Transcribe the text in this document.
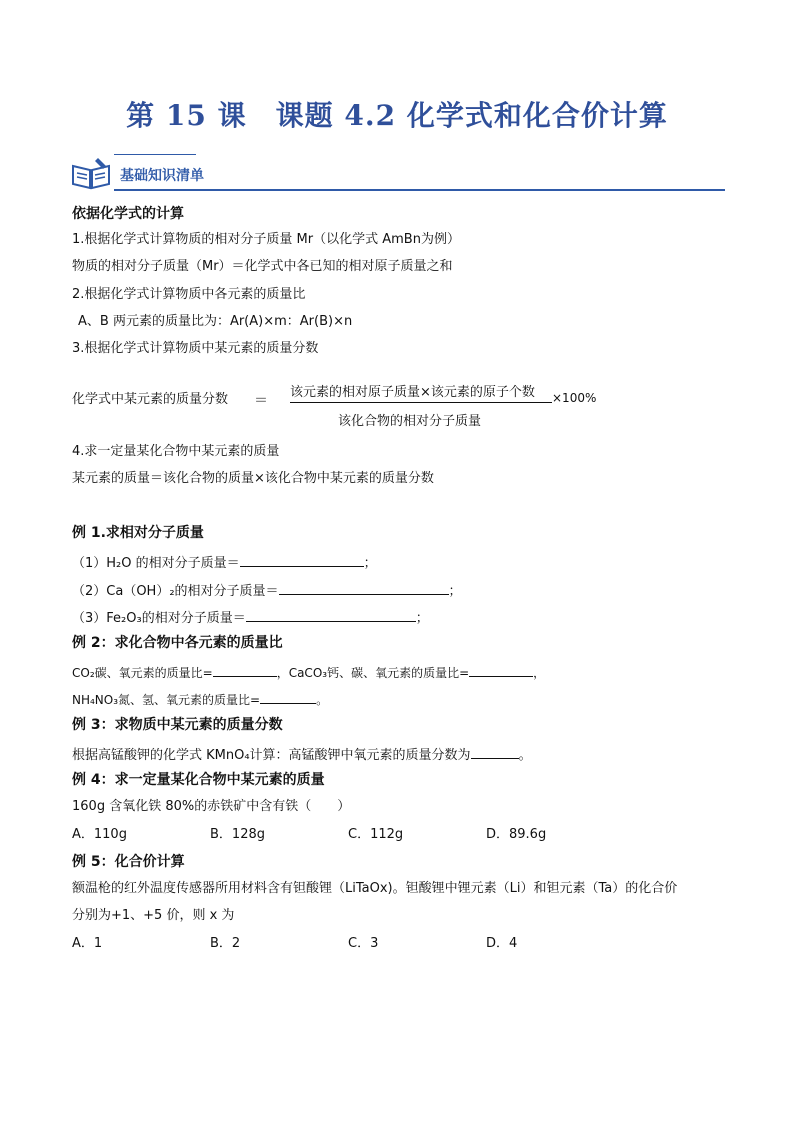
第 15 课　课题 4.2 化学式和化合价计算
基础知识清单
依据化学式的计算
1.根据化学式计算物质的相对分子质量 Mr（以化学式 AmBn为例）
物质的相对分子质量（Mr）＝化学式中各已知的相对原子质量之和
2.根据化学式计算物质中各元素的质量比
A、B 两元素的质量比为：Ar(A)×m：Ar(B)×n
3.根据化学式计算物质中某元素的质量分数
化学式中某元素的质量分数 ＝
该元素的相对原子质量×该元素的原子个数
该化合物的相对分子质量
×100%
4.求一定量某化合物中某元素的质量
某元素的质量＝该化合物的质量×该化合物中某元素的质量分数
例 1.求相对分子质量
（1）H₂O 的相对分子质量＝	；
（2）Ca（OH）₂的相对分子质量＝	；
（3）Fe₂O₃的相对分子质量＝	；
例 2：求化合物中各元素的质量比
CO₂碳、氧元素的质量比=	，CaCO₃钙、碳、氧元素的质量比=	，
NH₄NO₃氮、氢、氧元素的质量比=	。
例 3：求物质中某元素的质量分数
根据高锰酸钾的化学式 KMnO₄计算：高锰酸钾中氧元素的质量分数为	。
例 4：求一定量某化合物中某元素的质量
160g 含氧化铁 80%的赤铁矿中含有铁（　　）
A．110g	B．128g	C．112g	D．89.6g
例 5：化合价计算
额温枪的红外温度传感器所用材料含有钽酸锂（LiTaOx)。钽酸锂中锂元素（Li）和钽元素（Ta）的化合价
分别为+1、+5 价，则 x 为
A．1	B．2	C．3	D．4
